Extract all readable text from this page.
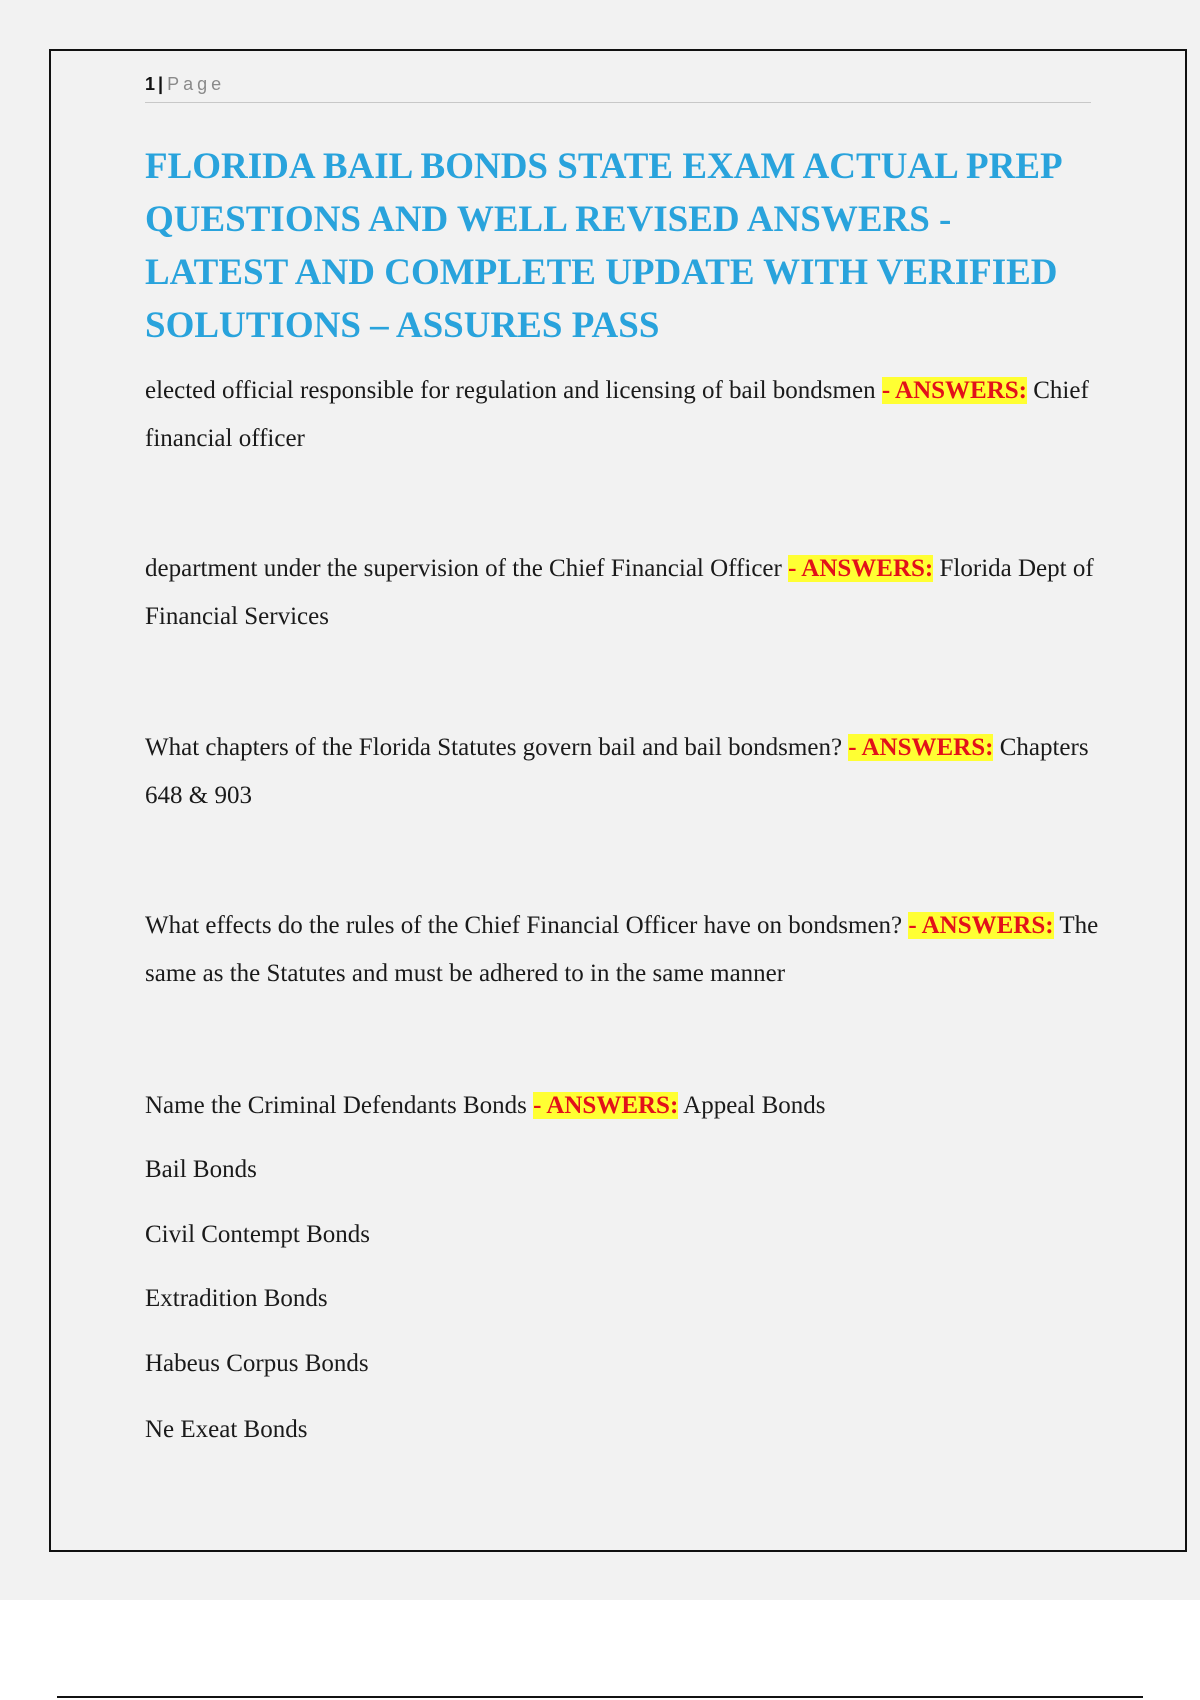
1 | Page
FLORIDA BAIL BONDS STATE EXAM ACTUAL PREP QUESTIONS AND WELL REVISED ANSWERS - LATEST AND COMPLETE UPDATE WITH VERIFIED SOLUTIONS – ASSURES PASS

elected official responsible for regulation and licensing of bail bondsmen - ANSWERS: Chief financial officer

department under the supervision of the Chief Financial Officer - ANSWERS: Florida Dept of Financial Services

What chapters of the Florida Statutes govern bail and bail bondsmen? - ANSWERS: Chapters 648 & 903

What effects do the rules of the Chief Financial Officer have on bondsmen? - ANSWERS: The same as the Statutes and must be adhered to in the same manner

Name the Criminal Defendants Bonds - ANSWERS: Appeal Bonds

Bail Bonds

Civil Contempt Bonds

Extradition Bonds

Habeus Corpus Bonds

Ne Exeat Bonds
